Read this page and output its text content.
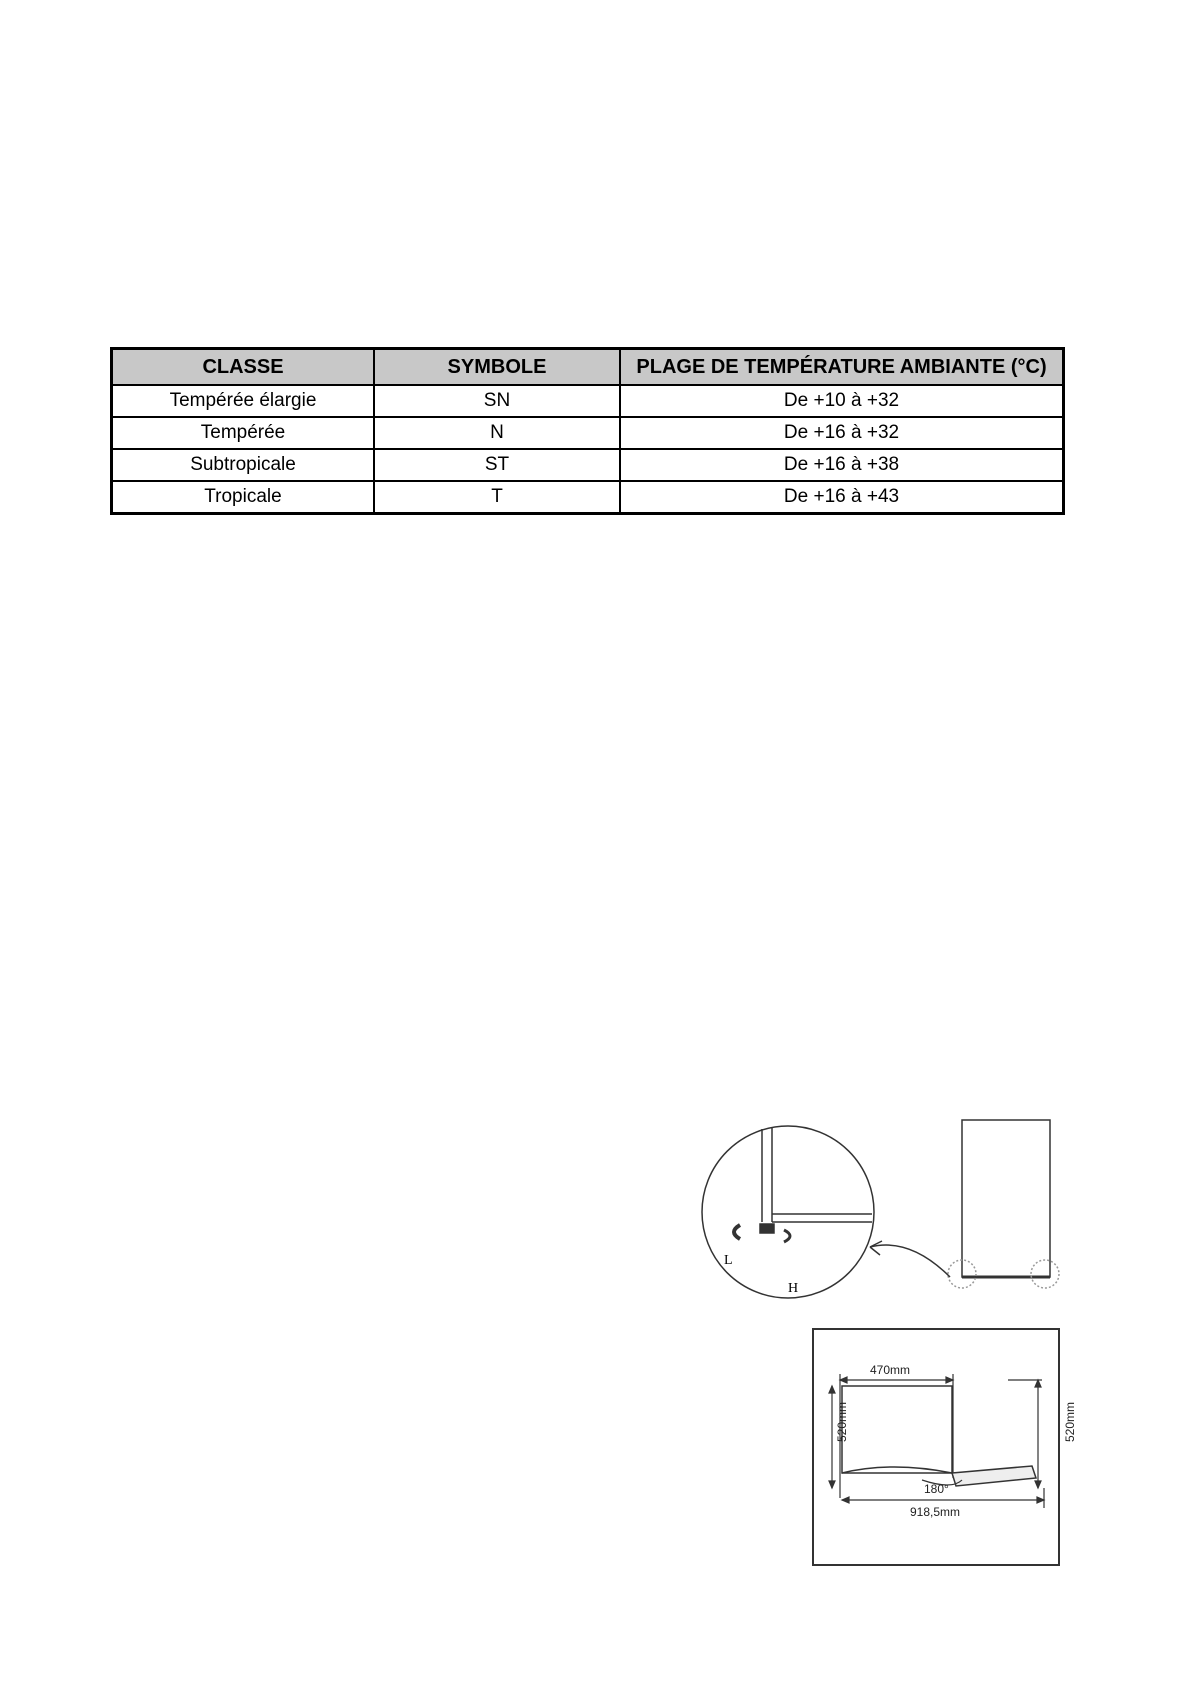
CLASSE	SYMBOLE	PLAGE DE TEMPÉRATURE AMBIANTE (°C)
Tempérée élargie	SN	De +10 à +32
Tempérée	N	De +16 à +32
Subtropicale	ST	De +16 à +38
Tropicale	T	De +16 à +43
L
H
470mm
520mm	520mm
180°
918,5mm
